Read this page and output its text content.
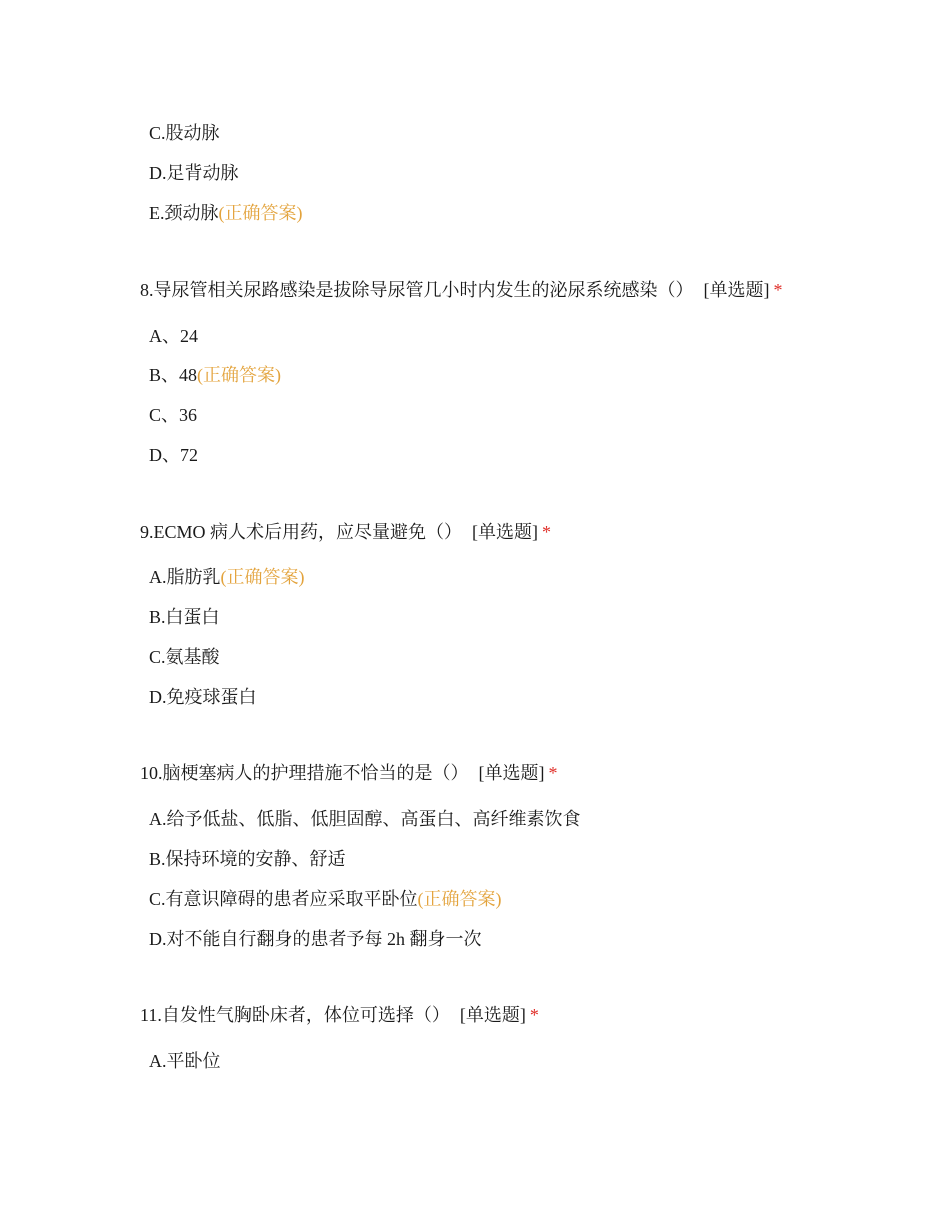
C.股动脉
D.足背动脉
E.颈动脉(正确答案)
8.导尿管相关尿路感染是拔除导尿管几小时内发生的泌尿系统感染（） [单选题] *
A、24
B、48(正确答案)
C、36
D、72
9.ECMO 病人术后用药，应尽量避免（） [单选题] *
A.脂肪乳(正确答案)
B.白蛋白
C.氨基酸
D.免疫球蛋白
10.脑梗塞病人的护理措施不恰当的是（） [单选题] *
A.给予低盐、低脂、低胆固醇、高蛋白、高纤维素饮食
B.保持环境的安静、舒适
C.有意识障碍的患者应采取平卧位(正确答案)
D.对不能自行翻身的患者予每 2h 翻身一次
11.自发性气胸卧床者，体位可选择（） [单选题] *
A.平卧位
